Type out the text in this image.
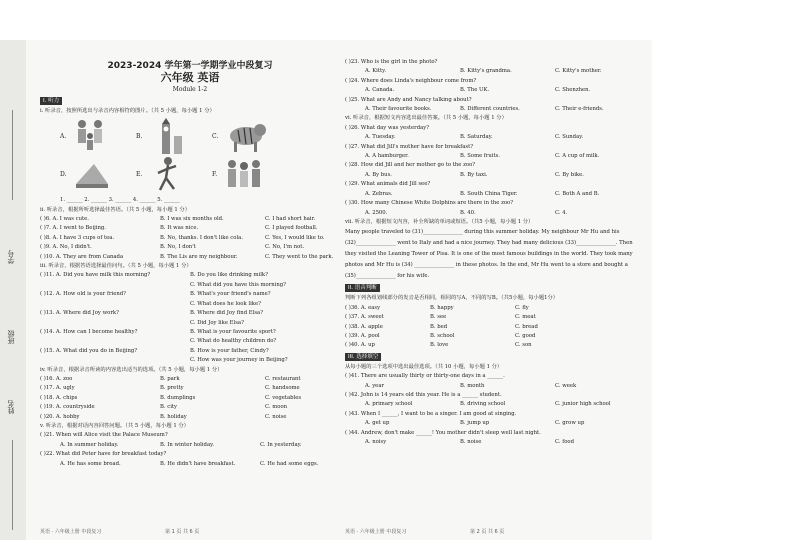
学号
班级
姓名
2023-2024 学年第一学期学业中段复习
六年级 英语
Module 1-2
I. 听力
i. 听录音，按照所选出与录音内容相符的图片。（共 5 小题，每小题 1 分）
A.	B.	C.
D.	E.	F.
1. ______ 2. ______ 3. ______ 4. ______ 5. ______
ii. 听录音，根据所听选择最佳答语。（共 5 小题，每小题 1 分）
( )6. A. I was cute.	B. I was six months old.	C. I had short hair.
( )7. A. I went to Beijing.	B. It was nice.	C. I played football.
( )8. A. I have 3 cups of tea.	B. No, thanks. I don't like cola.	C. Yes, I would like to.
( )9. A. No, I didn't.	B. No, I don't	C. No, I'm not.
( )10. A. They are from Canada	B. The Lis are my neighbour.	C. They went to the park.
iii. 听录音，根据答语选择最佳问句。（共 5 小题，每小题 1 分）
( )11. A. Did you have milk this morning?	B. Do you like drinking milk?
C. What did you have this morning?
( )12. A. How old is your friend?	B. What's your friend's name?
C. What does he look like?
( )13. A. Where did Joy work?	B. Where did Joy find Elsa?
C. Did Joy like Elsa?
( )14. A. How can I become healthy?	B. What is your favourite sport?
C. What do healthy children do?
( )15. A. What did you do in Beijing?	B. How is your father, Cindy?
C. How was your journey in Beijing?
iv. 听录音，根据录音所读的内容选出适当的选项。（共 5 小题，每小题 1 分）
( )16. A. zoo	B. park	C. restaurant
( )17. A. ugly	B. pretty	C. handsome
( )18. A. chips	B. dumplings	C. vegetables
( )19. A. countryside	B. city	C. moon
( )20. A. hobby	B. holiday	C. noise
v. 听录音，根据对话内容回答问题。（共 5 小题，每小题 1 分）
( )21. When will Alice visit the Palace Museum?
A. In summer holiday.	B. In winter holiday.	C. In yesterday.
( )22. What did Peter have for breakfast today?
A. He has some bread.	B. He didn't have breakfast.	C. He had some eggs.
( )23. Who is the girl in the photo?
A. Kitty.	B. Kitty's grandma.	C. Kitty's mother.
( )24. Where does Linda's neighbour come from?
A. Canada.	B. The UK.	C. Shenzhen.
( )25. What are Andy and Nancy talking about?
A. Their favourite books.	B. Different countries.	C. Their e-friends.
vi. 听录音，根据短文内容选出最佳答案。（共 5 小题，每小题 1 分）
( )26. What day was yesterday?
A. Tuesday.	B. Saturday.	C. Sunday.
( )27. What did Jill's mother have for breakfast?
A. A hamburger.	B. Some fruits.	C. A cup of milk.
( )28. How did Jill and her mother go to the zoo?
A. By bus.	B. By taxi.	C. By bike.
( )29. What animals did Jill see?
A. Zebras.	B. South China Tiger.	C. Both A and B.
( )30. How many Chinese White Dolphins are there in the zoo?
A. 2500.	B. 40.	C. 4.
vii. 听录音，根据短文内容，补全所缺的单词或短语。（共5 小题，每小题 1 分）
Many people traveled to (31)_______________ during this summer holiday. My neighbour Mr Hu and his (32)_______________ went to Italy and had a nice journey. They had many delicious (33)_______________. Then they visited the Leaning Tower of Pisa. It is one of the most famous buildings in the world. They took many photos and Mr Hu is (34) _______________ in these photos. In the end, Mr Hu went to a store and bought a (35)_______________ for his wife.
II. 语音判断
判断下列各组划线部分的发音是否相同，相同的写A，不同的写B。（共5小题，每小题1分）
( )36. A. easy	B. happy	C. fly
( )37. A. sweet	B. see	C. meat
( )38. A. apple	B. bed	C. bread
( )39. A. pool	B. school	C. good
( )40. A. up	B. love	C. son
III. 选择填空
从每小题的三个选项中选出最佳选项。（共 10 小题，每小题 1 分）
( )41. There are usually thirty or thirty-one days in a ______.
A. year	B. month	C. week
( )42. John is 14 years old this year. He is a ______ student.
A. primary school	B. driving school	C. junior high school
( )43. When I ______, I want to be a singer. I am good at singing.
A. get up	B. jump up	C. grow up
( )44. Andrew, don't make ______! You mother didn't sleep well last night.
A. noisy	B. noise	C. food
英语 · 六年级上册 中段复习	第 1 页 共 6 页	英语 · 六年级上册 中段复习	第 2 页 共 6 页
